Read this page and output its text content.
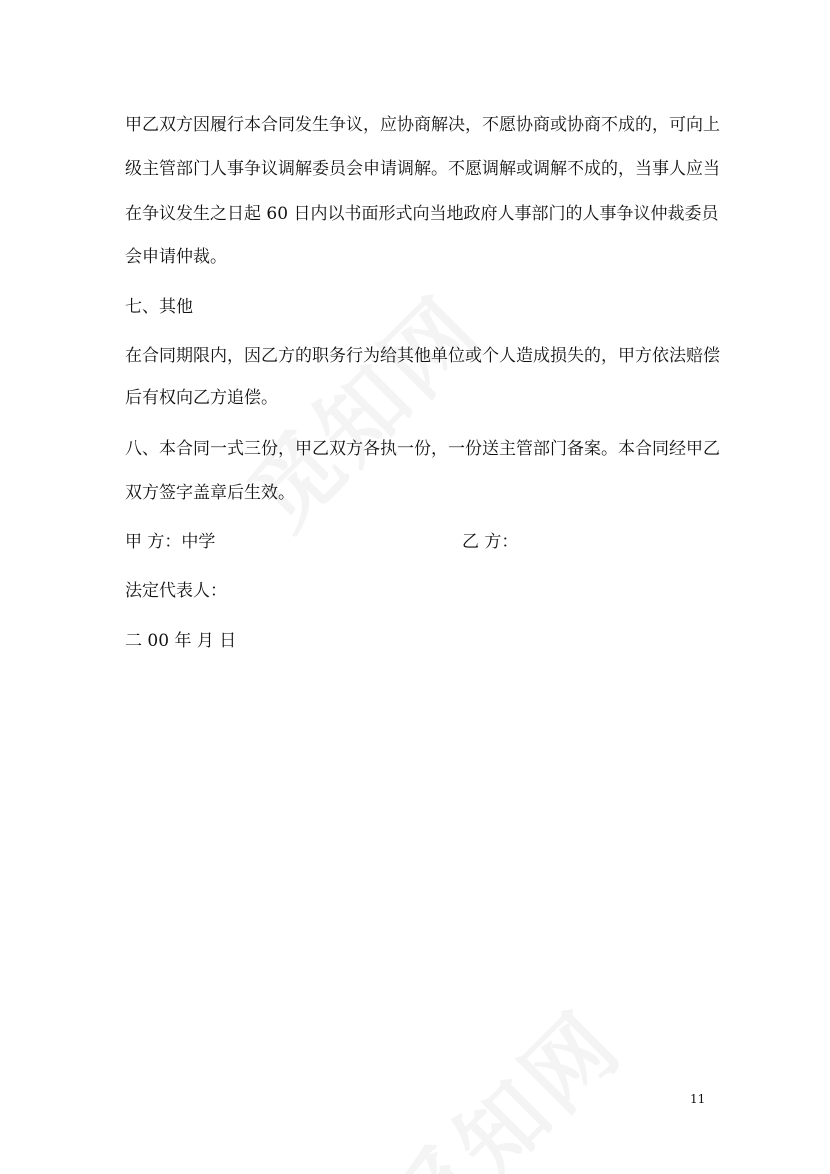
甲乙双方因履行本合同发生争议，应协商解决，不愿协商或协商不成的，可向上
级主管部门人事争议调解委员会申请调解。不愿调解或调解不成的，当事人应当
在争议发生之日起 60 日内以书面形式向当地政府人事部门的人事争议仲裁委员
会申请仲裁。
七、其他
在合同期限内，因乙方的职务行为给其他单位或个人造成损失的，甲方依法赔偿
后有权向乙方追偿。
八、本合同一式三份，甲乙双方各执一份，一份送主管部门备案。本合同经甲乙
双方签字盖章后生效。
甲 方：中学	乙 方：
法定代表人：
二 00 年 月 日
11
